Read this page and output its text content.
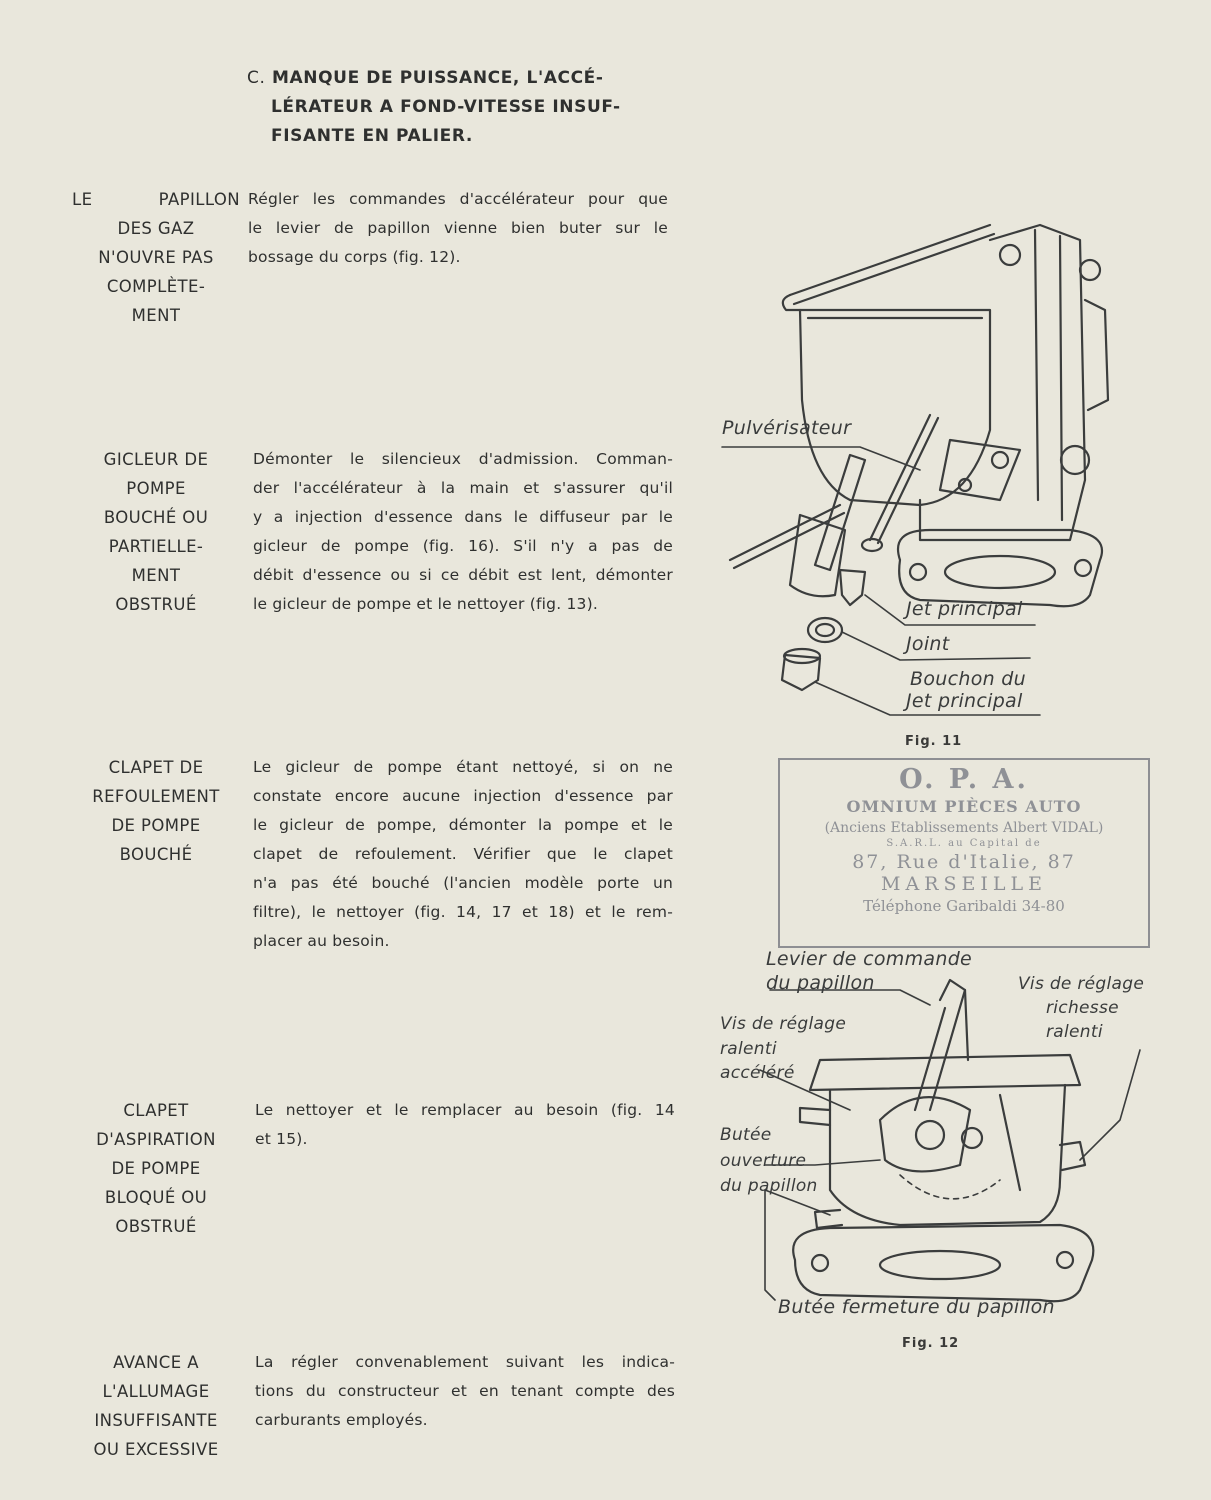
C. MANQUE DE PUISSANCE, L'ACCÉ-
LÉRATEUR A FOND-VITESSE INSUF-
FISANTE EN PALIER.
LE PAPILLON
DES GAZ
N'OUVRE PAS
COMPLÈTE-
MENT
Régler les commandes d'accélérateur pour que
le levier de papillon vienne bien buter sur le
bossage du corps (fig. 12).
GICLEUR DE
POMPE
BOUCHÉ OU
PARTIELLE-
MENT
OBSTRUÉ
Démonter le silencieux d'admission. Comman-
der l'accélérateur à la main et s'assurer qu'il
y a injection d'essence dans le diffuseur par le
gicleur de pompe (fig. 16). S'il n'y a pas de
débit d'essence ou si ce débit est lent, démonter
le gicleur de pompe et le nettoyer (fig. 13).
CLAPET DE
REFOULEMENT
DE POMPE
BOUCHÉ
Le gicleur de pompe étant nettoyé, si on ne
constate encore aucune injection d'essence par
le gicleur de pompe, démonter la pompe et le
clapet de refoulement. Vérifier que le clapet
n'a pas été bouché (l'ancien modèle porte un
filtre), le nettoyer (fig. 14, 17 et 18) et le rem-
placer au besoin.
CLAPET
D'ASPIRATION
DE POMPE
BLOQUÉ OU
OBSTRUÉ
Le nettoyer et le remplacer au besoin (fig. 14
et 15).
AVANCE A
L'ALLUMAGE
INSUFFISANTE
OU EXCESSIVE
La régler convenablement suivant les indica-
tions du constructeur et en tenant compte des
carburants employés.
Pulvérisateur
Jet principal
Joint
Bouchon du
Jet principal
Fig. 11
O. P. A.
OMNIUM PIÈCES AUTO
(Anciens Etablissements Albert VIDAL)
S.A.R.L. au Capital de
87, Rue d'Italie, 87
MARSEILLE
Téléphone Garibaldi 34-80
Levier de commande
du papillon	Vis de réglage
richesse
ralenti
Vis de réglage
ralenti
accéléré
Butée
ouverture
du papillon
Butée fermeture du papillon
Fig. 12
